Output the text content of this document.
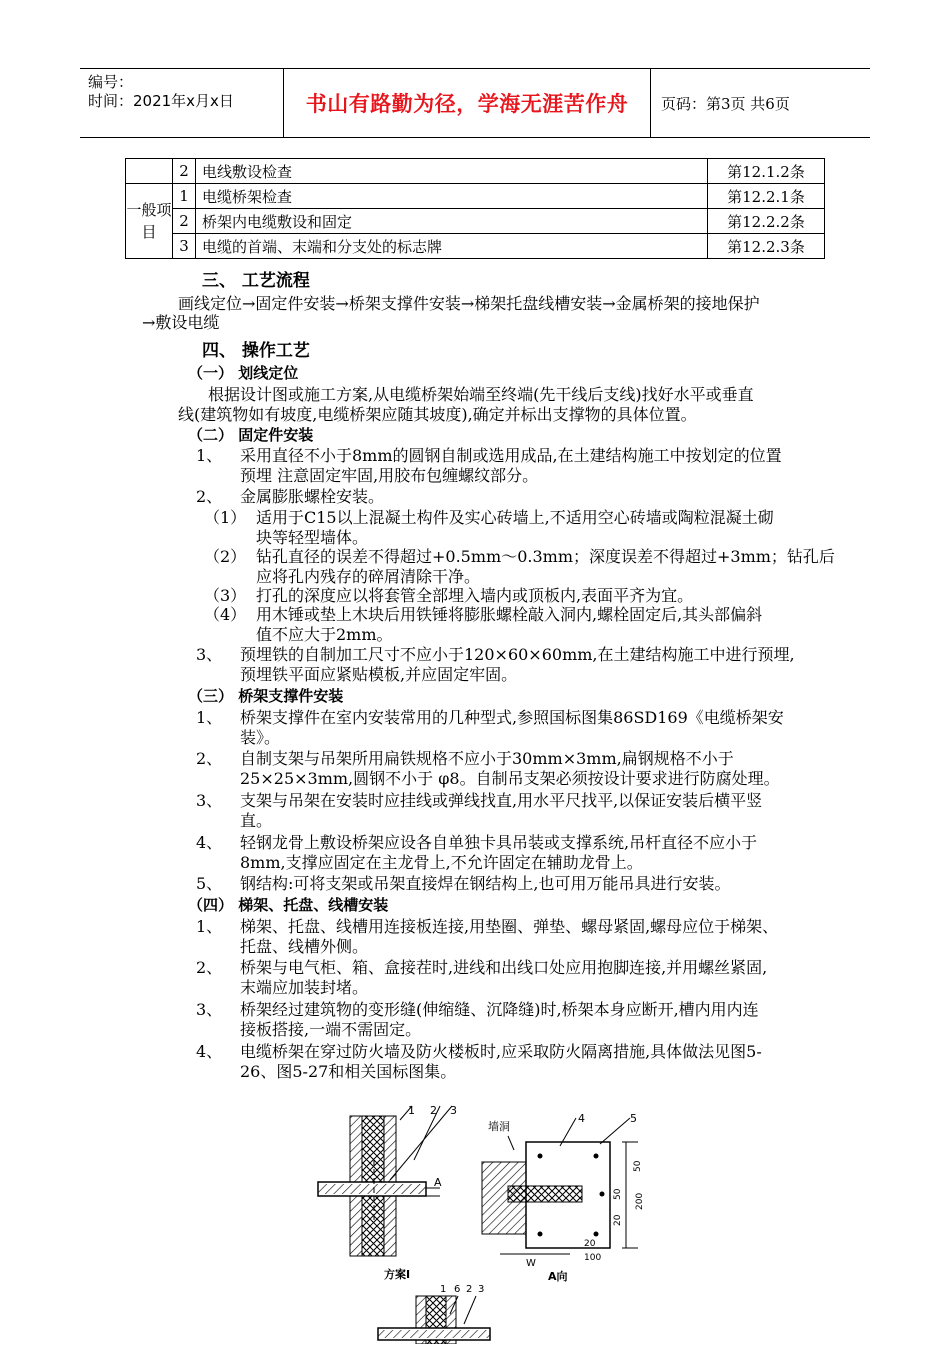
编号：
时间：2021年x月x日	书山有路勤为径，学海无涯苦作舟 页码：第3页 共6页
	2	电线敷设检查	第12.1.2条
一般项目	1	电缆桥架检查	第12.2.1条
	2	桥架内电缆敷设和固定	第12.2.2条
	3	电缆的首端、末端和分支处的标志牌	第12.2.3条
三、 工艺流程
画线定位→固定件安装→桥架支撑件安装→梯架托盘线槽安装→金属桥架的接地保护
→敷设电缆
四、 操作工艺
（一） 划线定位
根据设计图或施工方案,从电缆桥架始端至终端(先干线后支线)找好水平或垂直
线(建筑物如有坡度,电缆桥架应随其坡度),确定并标出支撑物的具体位置。
（二） 固定件安装
1、 采用直径不小于8mm的圆钢自制或选用成品,在土建结构施工中按划定的位置
预埋 注意固定牢固,用胶布包缠螺纹部分。
2、 金属膨胀螺栓安装。
（1） 适用于C15以上混凝土构件及实心砖墙上,不适用空心砖墙或陶粒混凝土砌
块等轻型墙体。
（2） 钻孔直径的误差不得超过+0.5mm～0.3mm；深度误差不得超过+3mm；钻孔后
应将孔内残存的碎屑清除干净。
（3） 打孔的深度应以将套管全部埋入墙内或顶板内,表面平齐为宜。
（4） 用木锤或垫上木块后用铁锤将膨胀螺栓敲入洞内,螺栓固定后,其头部偏斜
值不应大于2mm。
3、 预埋铁的自制加工尺寸不应小于120×60×60mm,在土建结构施工中进行预埋,
预埋铁平面应紧贴模板,并应固定牢固。
（三） 桥架支撑件安装
1、 桥架支撑件在室内安装常用的几种型式,参照国标图集86SD169《电缆桥架安
装》。
2、 自制支架与吊架所用扁铁规格不应小于30mm×3mm,扁钢规格不小于
25×25×3mm,圆钢不小于 φ8。自制吊支架必须按设计要求进行防腐处理。
3、 支架与吊架在安装时应挂线或弹线找直,用水平尺找平,以保证安装后横平竖
直。
4、 轻钢龙骨上敷设桥架应设各自单独卡具吊装或支撑系统,吊杆直径不应小于
8mm,支撑应固定在主龙骨上,不允许固定在辅助龙骨上。
5、 钢结构:可将支架或吊架直接焊在钢结构上,也可用万能吊具进行安装。
（四） 梯架、托盘、线槽安装
1、 梯架、托盘、线槽用连接板连接,用垫圈、弹垫、螺母紧固,螺母应位于梯架、
托盘、线槽外侧。
2、 桥架与电气柜、箱、盒接茬时,进线和出线口处应用抱脚连接,并用螺丝紧固,
末端应加装封堵。
3、 桥架经过建筑物的变形缝(伸缩缝、沉降缝)时,桥架本身应断开,槽内用内连
接板搭接,一端不需固定。
4、 电缆桥架在穿过防火墙及防火楼板时,应采取防火隔离措施,具体做法见图5-
26、图5-27和相关国标图集。
1 2 3
A
方案Ⅰ
墙洞
4	5
50
50 200
20
W
20
100
A向
1 6 2 3
